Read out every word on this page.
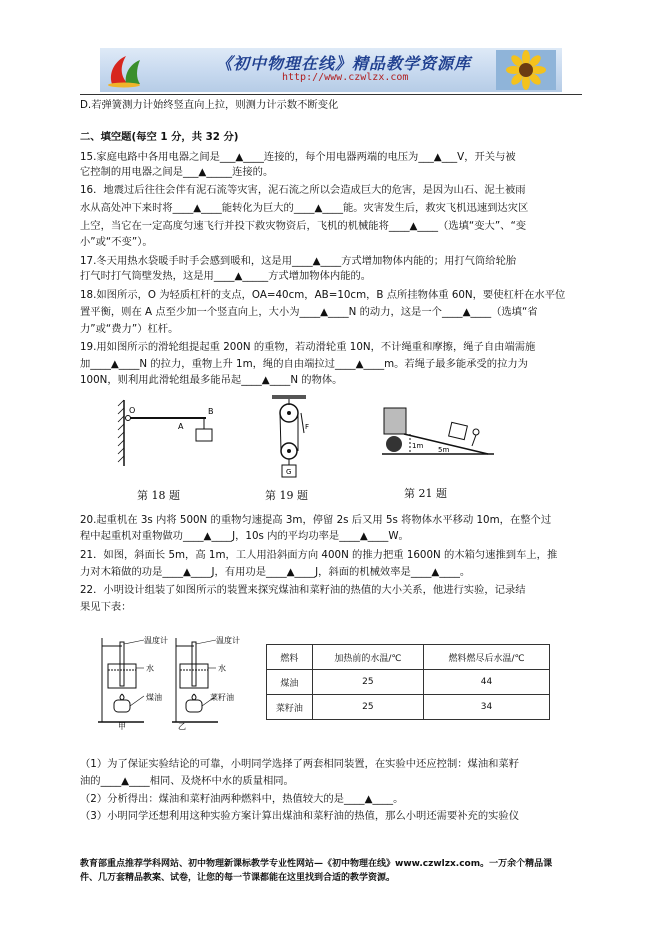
《初中物理在线》精品教学资源库
http://www.czwlzx.com
D.若弹簧测力计始终竖直向上拉，则测力计示数不断变化
二、填空题(每空 1 分，共 32 分)
15.家庭电路中各用电器之间是___▲____连接的，每个用电器两端的电压为___▲___V，开关与被
它控制的用电器之间是___▲_____连接的。
16．地震过后往往会伴有泥石流等灾害，泥石流之所以会造成巨大的危害，是因为山石、泥土被雨
水从高处冲下来时将____▲____能转化为巨大的____▲____能。灾害发生后，救灾飞机迅速到达灾区
上空，当它在一定高度匀速飞行并投下救灾物资后，飞机的机械能将____▲____（选填“变大”、“变
小”或“不变”）。
17.冬天用热水袋暖手时手会感到暖和，这是用____▲____方式增加物体内能的；用打气筒给轮胎
打气时打气筒壁发热，这是用____▲_____方式增加物体内能的。
18.如图所示，O 为轻质杠杆的支点，OA=40cm，AB=10cm，B 点所挂物体重 60N，要使杠杆在水平位
置平衡，则在 A 点至少加一个竖直向上，大小为____▲____N 的动力，这是一个____▲____（选填“省
力”或“费力”）杠杆。
19.用如图所示的滑轮组提起重 200N 的重物，若动滑轮重 10N，不计绳重和摩擦，绳子自由端需施
加____▲____N 的拉力，重物上升 1m，绳的自由端拉过____▲____m。若绳子最多能承受的拉力为
100N，则利用此滑轮组最多能吊起____▲____N 的物体。
O
A
B
第 18 题
F
G
第 19 题
1m 5m
第 21 题
20.起重机在 3s 内将 500N 的重物匀速提高 3m，停留 2s 后又用 5s 将物体水平移动 10m，在整个过
程中起重机对重物做功____▲____J，10s 内的平均功率是____▲____W。
21．如图，斜面长 5m，高 1m，工人用沿斜面方向 400N 的推力把重 1600N 的木箱匀速推到车上，推
力对木箱做的功是____▲____J，有用功是____▲____J，斜面的机械效率是____▲____。
22．小明设计组装了如图所示的装置来探究煤油和菜籽油的热值的大小关系，他进行实验，记录结
果见下表：
温度计
水
煤油
甲
温度计
水
菜籽油
乙
燃料	加热前的水温/℃	燃料燃尽后水温/℃
煤油	25	44
菜籽油	25	34
（1）为了保证实验结论的可靠，小明同学选择了两套相同装置，在实验中还应控制：煤油和菜籽
油的____▲____相同、及烧杯中水的质量相同。
（2）分析得出：煤油和菜籽油两种燃料中，热值较大的是____▲____。
（3）小明同学还想利用这种实验方案计算出煤油和菜籽油的热值，那么小明还需要补充的实验仪
教育部重点推荐学科网站、初中物理新课标教学专业性网站—《初中物理在线》www.czwlzx.com。一万余个精品课
件、几万套精品教案、试卷，让您的每一节课都能在这里找到合适的教学资源。
